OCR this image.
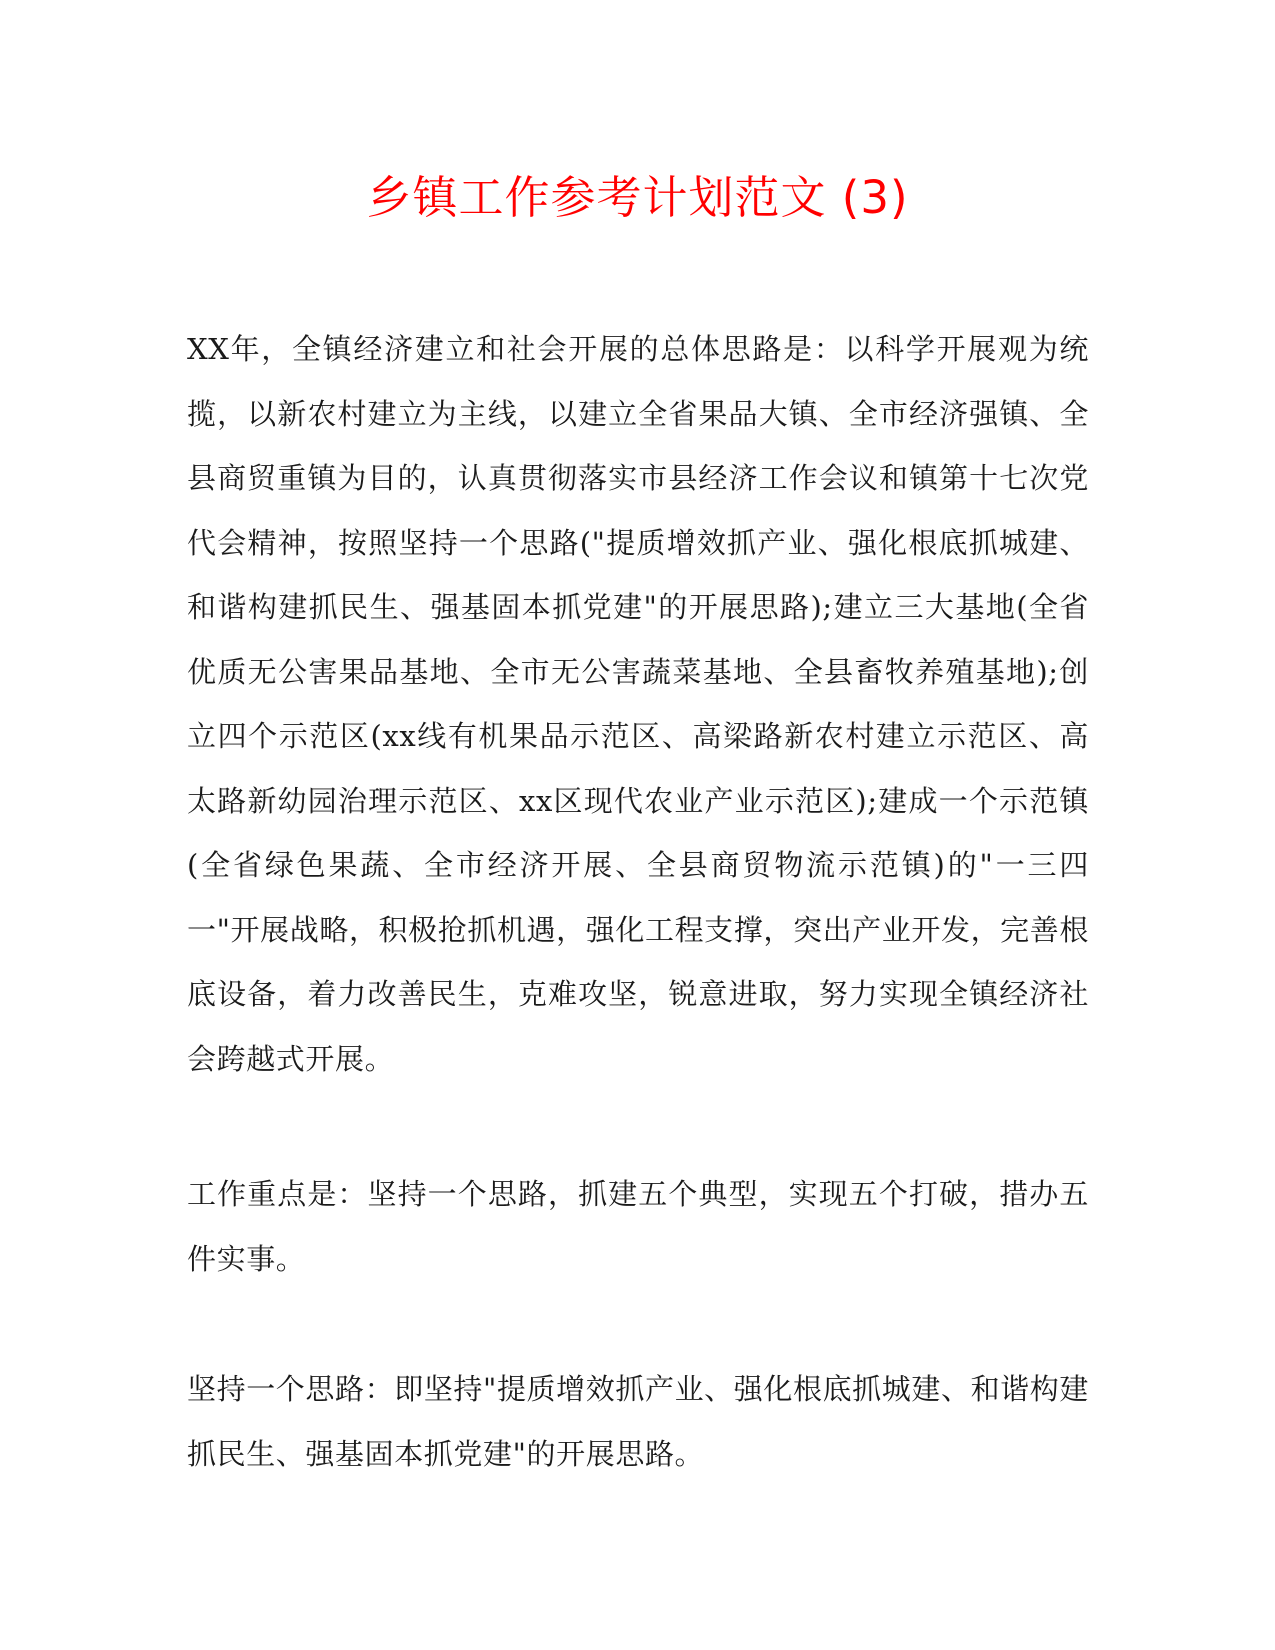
乡镇工作参考计划范文 (3)

XX年，全镇经济建立和社会开展的总体思路是：以科学开展观为统揽，以新农村建立为主线，以建立全省果品大镇、全市经济强镇、全县商贸重镇为目的，认真贯彻落实市县经济工作会议和镇第十七次党代会精神，按照坚持一个思路("提质增效抓产业、强化根底抓城建、和谐构建抓民生、强基固本抓党建"的开展思路);建立三大基地(全省优质无公害果品基地、全市无公害蔬菜基地、全县畜牧养殖基地);创立四个示范区(xx线有机果品示范区、高梁路新农村建立示范区、高太路新幼园治理示范区、xx区现代农业产业示范区);建成一个示范镇(全省绿色果蔬、全市经济开展、全县商贸物流示范镇)的"一三四一"开展战略，积极抢抓机遇，强化工程支撑，突出产业开发，完善根底设备，着力改善民生，克难攻坚，锐意进取，努力实现全镇经济社会跨越式开展。

工作重点是：坚持一个思路，抓建五个典型，实现五个打破，措办五件实事。

坚持一个思路：即坚持"提质增效抓产业、强化根底抓城建、和谐构建抓民生、强基固本抓党建"的开展思路。
